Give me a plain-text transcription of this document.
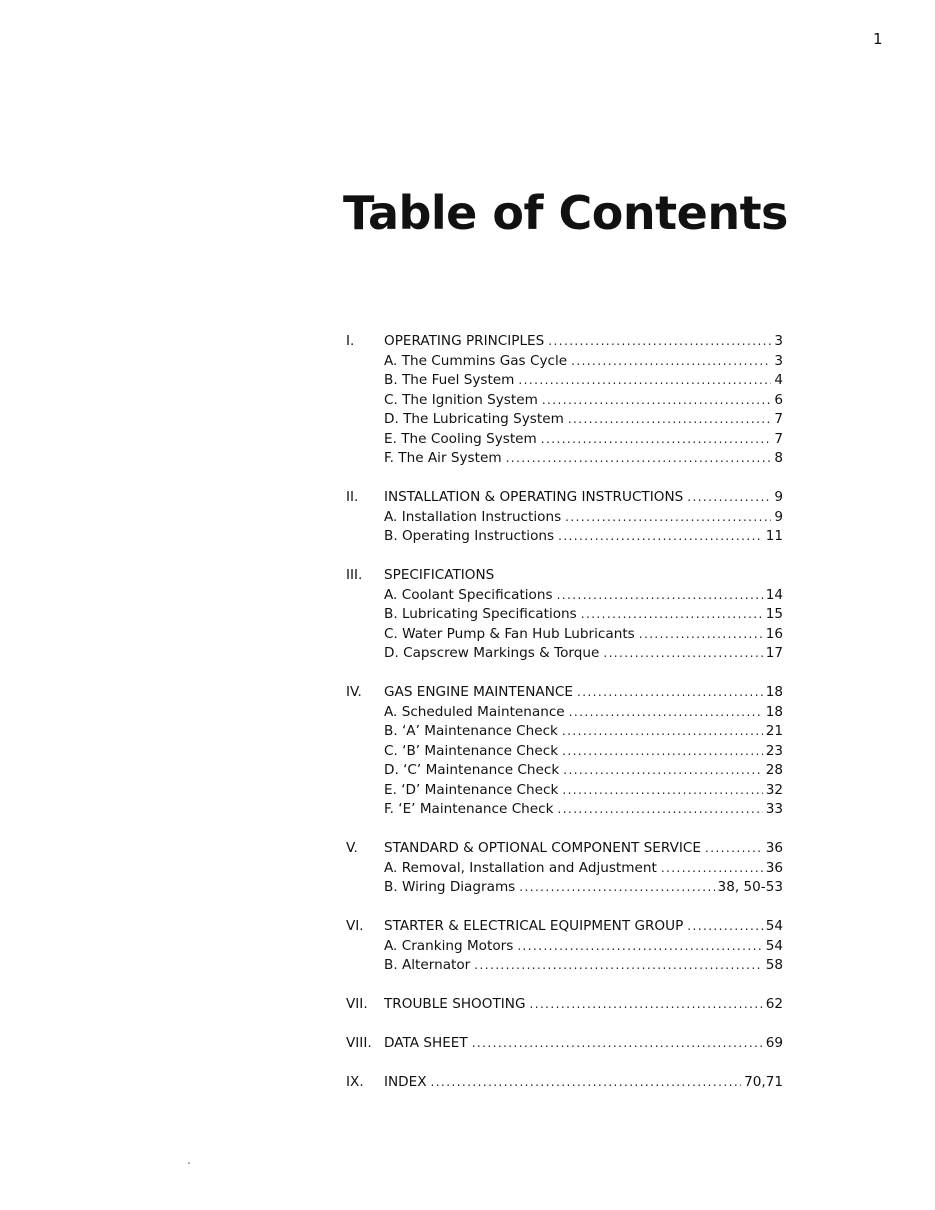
1
Table of Contents
I.	OPERATING PRINCIPLES . . .	3
A. The Cummins Gas Cycle . . .	3
B. The Fuel System . . .	4
C. The Ignition System . . .	6
D. The Lubricating System . . .	7
E. The Cooling System . . .	7
F. The Air System . . .	8
II.	INSTALLATION & OPERATING INSTRUCTIONS . . .	9
A. Installation Instructions . . .	9
B. Operating Instructions . . .	11
III.	SPECIFICATIONS
A. Coolant Specifications . . .	14
B. Lubricating Specifications . . .	15
C. Water Pump & Fan Hub Lubricants . . .	16
D. Capscrew Markings & Torque . . .	17
IV.	GAS ENGINE MAINTENANCE . . .	18
A. Scheduled Maintenance . . .	18
B. ‘A’ Maintenance Check . . .	21
C. ‘B’ Maintenance Check . . .	23
D. ‘C’ Maintenance Check . . .	28
E. ‘D’ Maintenance Check . . .	32
F. ‘E’ Maintenance Check . . .	33
V.	STANDARD & OPTIONAL COMPONENT SERVICE . . .	36
A. Removal, Installation and Adjustment . . .	36
B. Wiring Diagrams . . .	38, 50-53
VI.	STARTER & ELECTRICAL EQUIPMENT GROUP . . .	54
A. Cranking Motors . . .	54
B. Alternator . . .	58
VII.	TROUBLE SHOOTING . . .	62
VIII. DATA SHEET . . .	69
IX.	INDEX . . .	70,71
